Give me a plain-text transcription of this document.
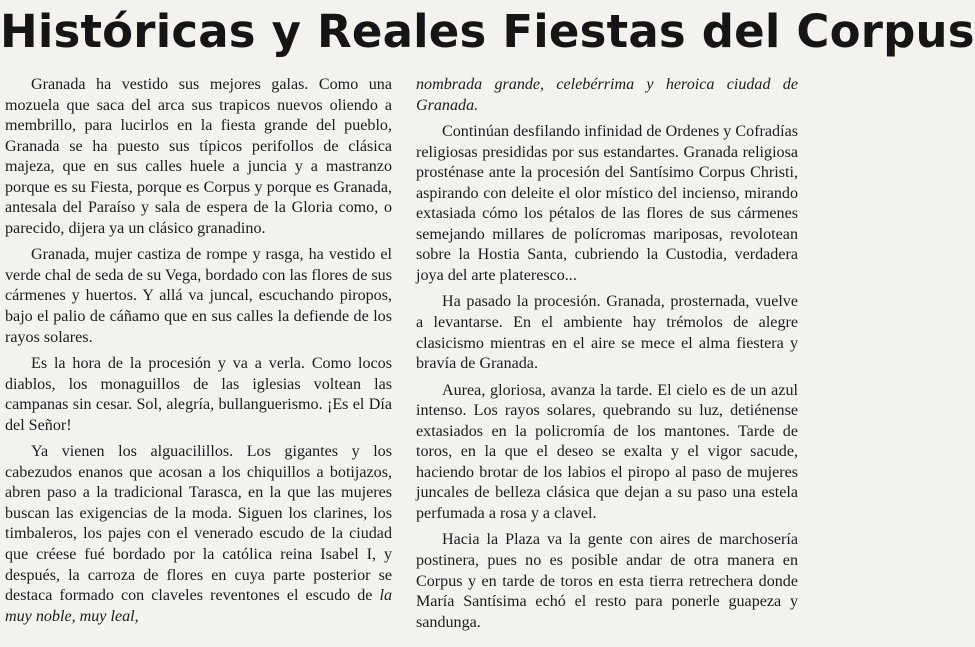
Históricas y Reales Fiestas del Corpus

Granada ha vestido sus mejores galas. Como una mozuela que saca del arca sus trapicos nuevos oliendo a membrillo, para lucirlos en la fiesta grande del pueblo, Granada se ha puesto sus típicos perifollos de clásica majeza, que en sus calles huele a juncia y a mastranzo porque es su Fiesta, porque es Corpus y porque es Granada, antesala del Paraíso y sala de espera de la Gloria como, o parecido, dijera ya un clásico granadino.

Granada, mujer castiza de rompe y rasga, ha vestido el verde chal de seda de su Vega, bordado con las flores de sus cármenes y huertos. Y allá va juncal, escuchando piropos, bajo el palio de cáñamo que en sus calles la defiende de los rayos solares.

Es la hora de la procesión y va a verla. Como locos diablos, los monaguillos de las iglesias voltean las campanas sin cesar. Sol, alegría, bullanguerismo. ¡Es el Día del Señor!

Ya vienen los alguacilillos. Los gigantes y los cabezudos enanos que acosan a los chiquillos a botijazos, abren paso a la tradicional Tarasca, en la que las mujeres buscan las exigencias de la moda. Siguen los clarines, los timbaleros, los pajes con el venerado escudo de la ciudad que créese fué bordado por la católica reina Isabel I, y después, la carroza de flores en cuya parte posterior se destaca formado con claveles reventones el escudo de la muy noble, muy leal,

nombrada grande, celebérrima y heroica ciudad de Granada.

Continúan desfilando infinidad de Ordenes y Cofradías religiosas presididas por sus estandartes. Granada religiosa prosténase ante la procesión del Santísimo Corpus Christi, aspirando con deleite el olor místico del incienso, mirando extasiada cómo los pétalos de las flores de sus cármenes semejando millares de polícromas mariposas, revolotean sobre la Hostia Santa, cubriendo la Custodia, verdadera joya del arte plateresco...

Ha pasado la procesión. Granada, prosternada, vuelve a levantarse. En el ambiente hay trémolos de alegre clasicismo mientras en el aire se mece el alma fiestera y bravía de Granada.

Aurea, gloriosa, avanza la tarde. El cielo es de un azul intenso. Los rayos solares, quebrando su luz, detiénense extasiados en la policromía de los mantones. Tarde de toros, en la que el deseo se exalta y el vigor sacude, haciendo brotar de los labios el piropo al paso de mujeres juncales de belleza clásica que dejan a su paso una estela perfumada a rosa y a clavel.

Hacia la Plaza va la gente con aires de marchosería postinera, pues no es posible andar de otra manera en Corpus y en tarde de toros en esta tierra retrechera donde María Santísima echó el resto para ponerle guapeza y sandunga.
